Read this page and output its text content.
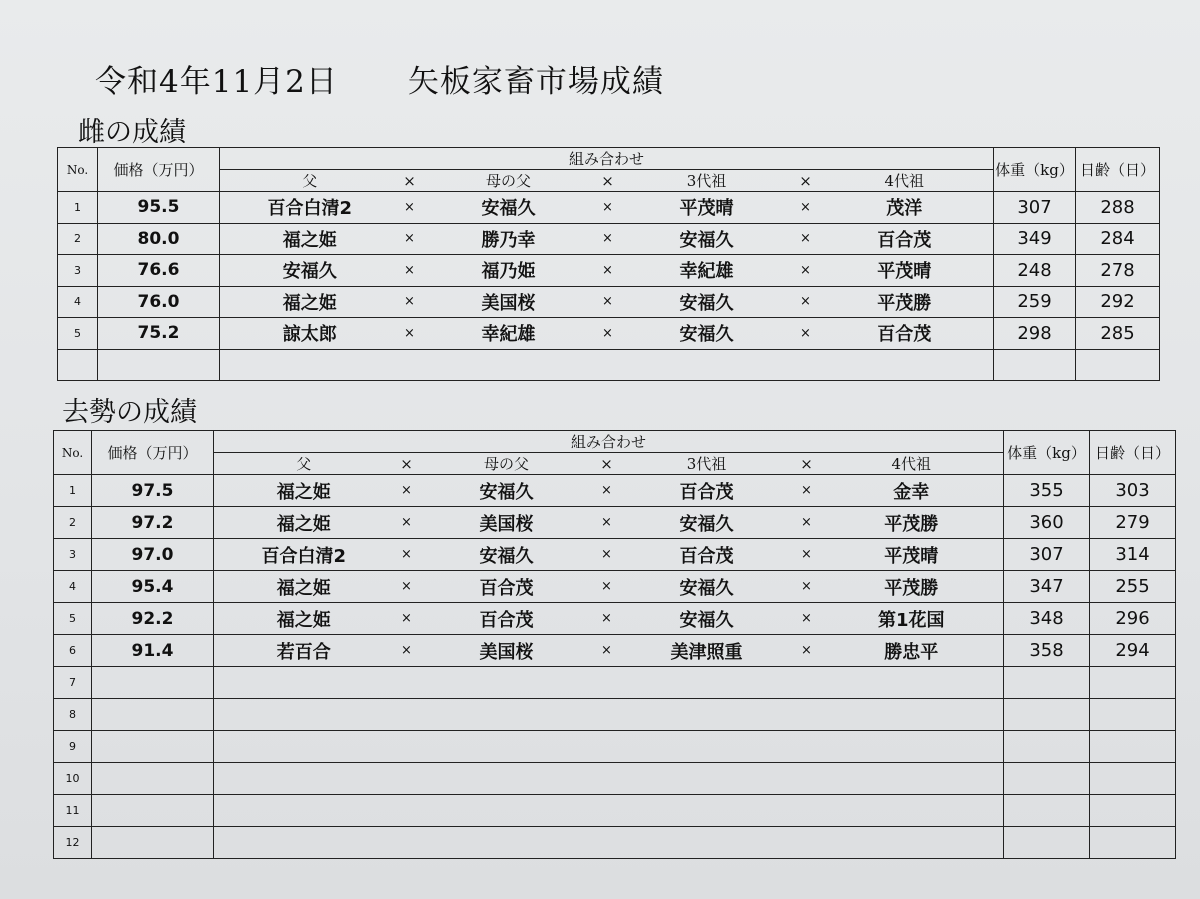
令和4年11月2日 矢板家畜市場成績
雌の成績
No.	価格（万円）	組み合わせ							体重（kg）	日齢（日）
		父	×	母の父	×	3代祖	×	4代祖		
1	95.5	百合白清2	×	安福久	×	平茂晴	×	茂洋	307	288
2	80.0	福之姫	×	勝乃幸	×	安福久	×	百合茂	349	284
3	76.6	安福久	×	福乃姫	×	幸紀雄	×	平茂晴	248	278
4	76.0	福之姫	×	美国桜	×	安福久	×	平茂勝	259	292
5	75.2	諒太郎	×	幸紀雄	×	安福久	×	百合茂	298	285

去勢の成績
No.	価格（万円）	組み合わせ							体重（kg）	日齢（日）
		父	×	母の父	×	3代祖	×	4代祖		
1	97.5	福之姫	×	安福久	×	百合茂	×	金幸	355	303
2	97.2	福之姫	×	美国桜	×	安福久	×	平茂勝	360	279
3	97.0	百合白清2	×	安福久	×	百合茂	×	平茂晴	307	314
4	95.4	福之姫	×	百合茂	×	安福久	×	平茂勝	347	255
5	92.2	福之姫	×	百合茂	×	安福久	×	第1花国	348	296
6	91.4	若百合	×	美国桜	×	美津照重	×	勝忠平	358	294
7										
8										
9										
10										
11										
12										
